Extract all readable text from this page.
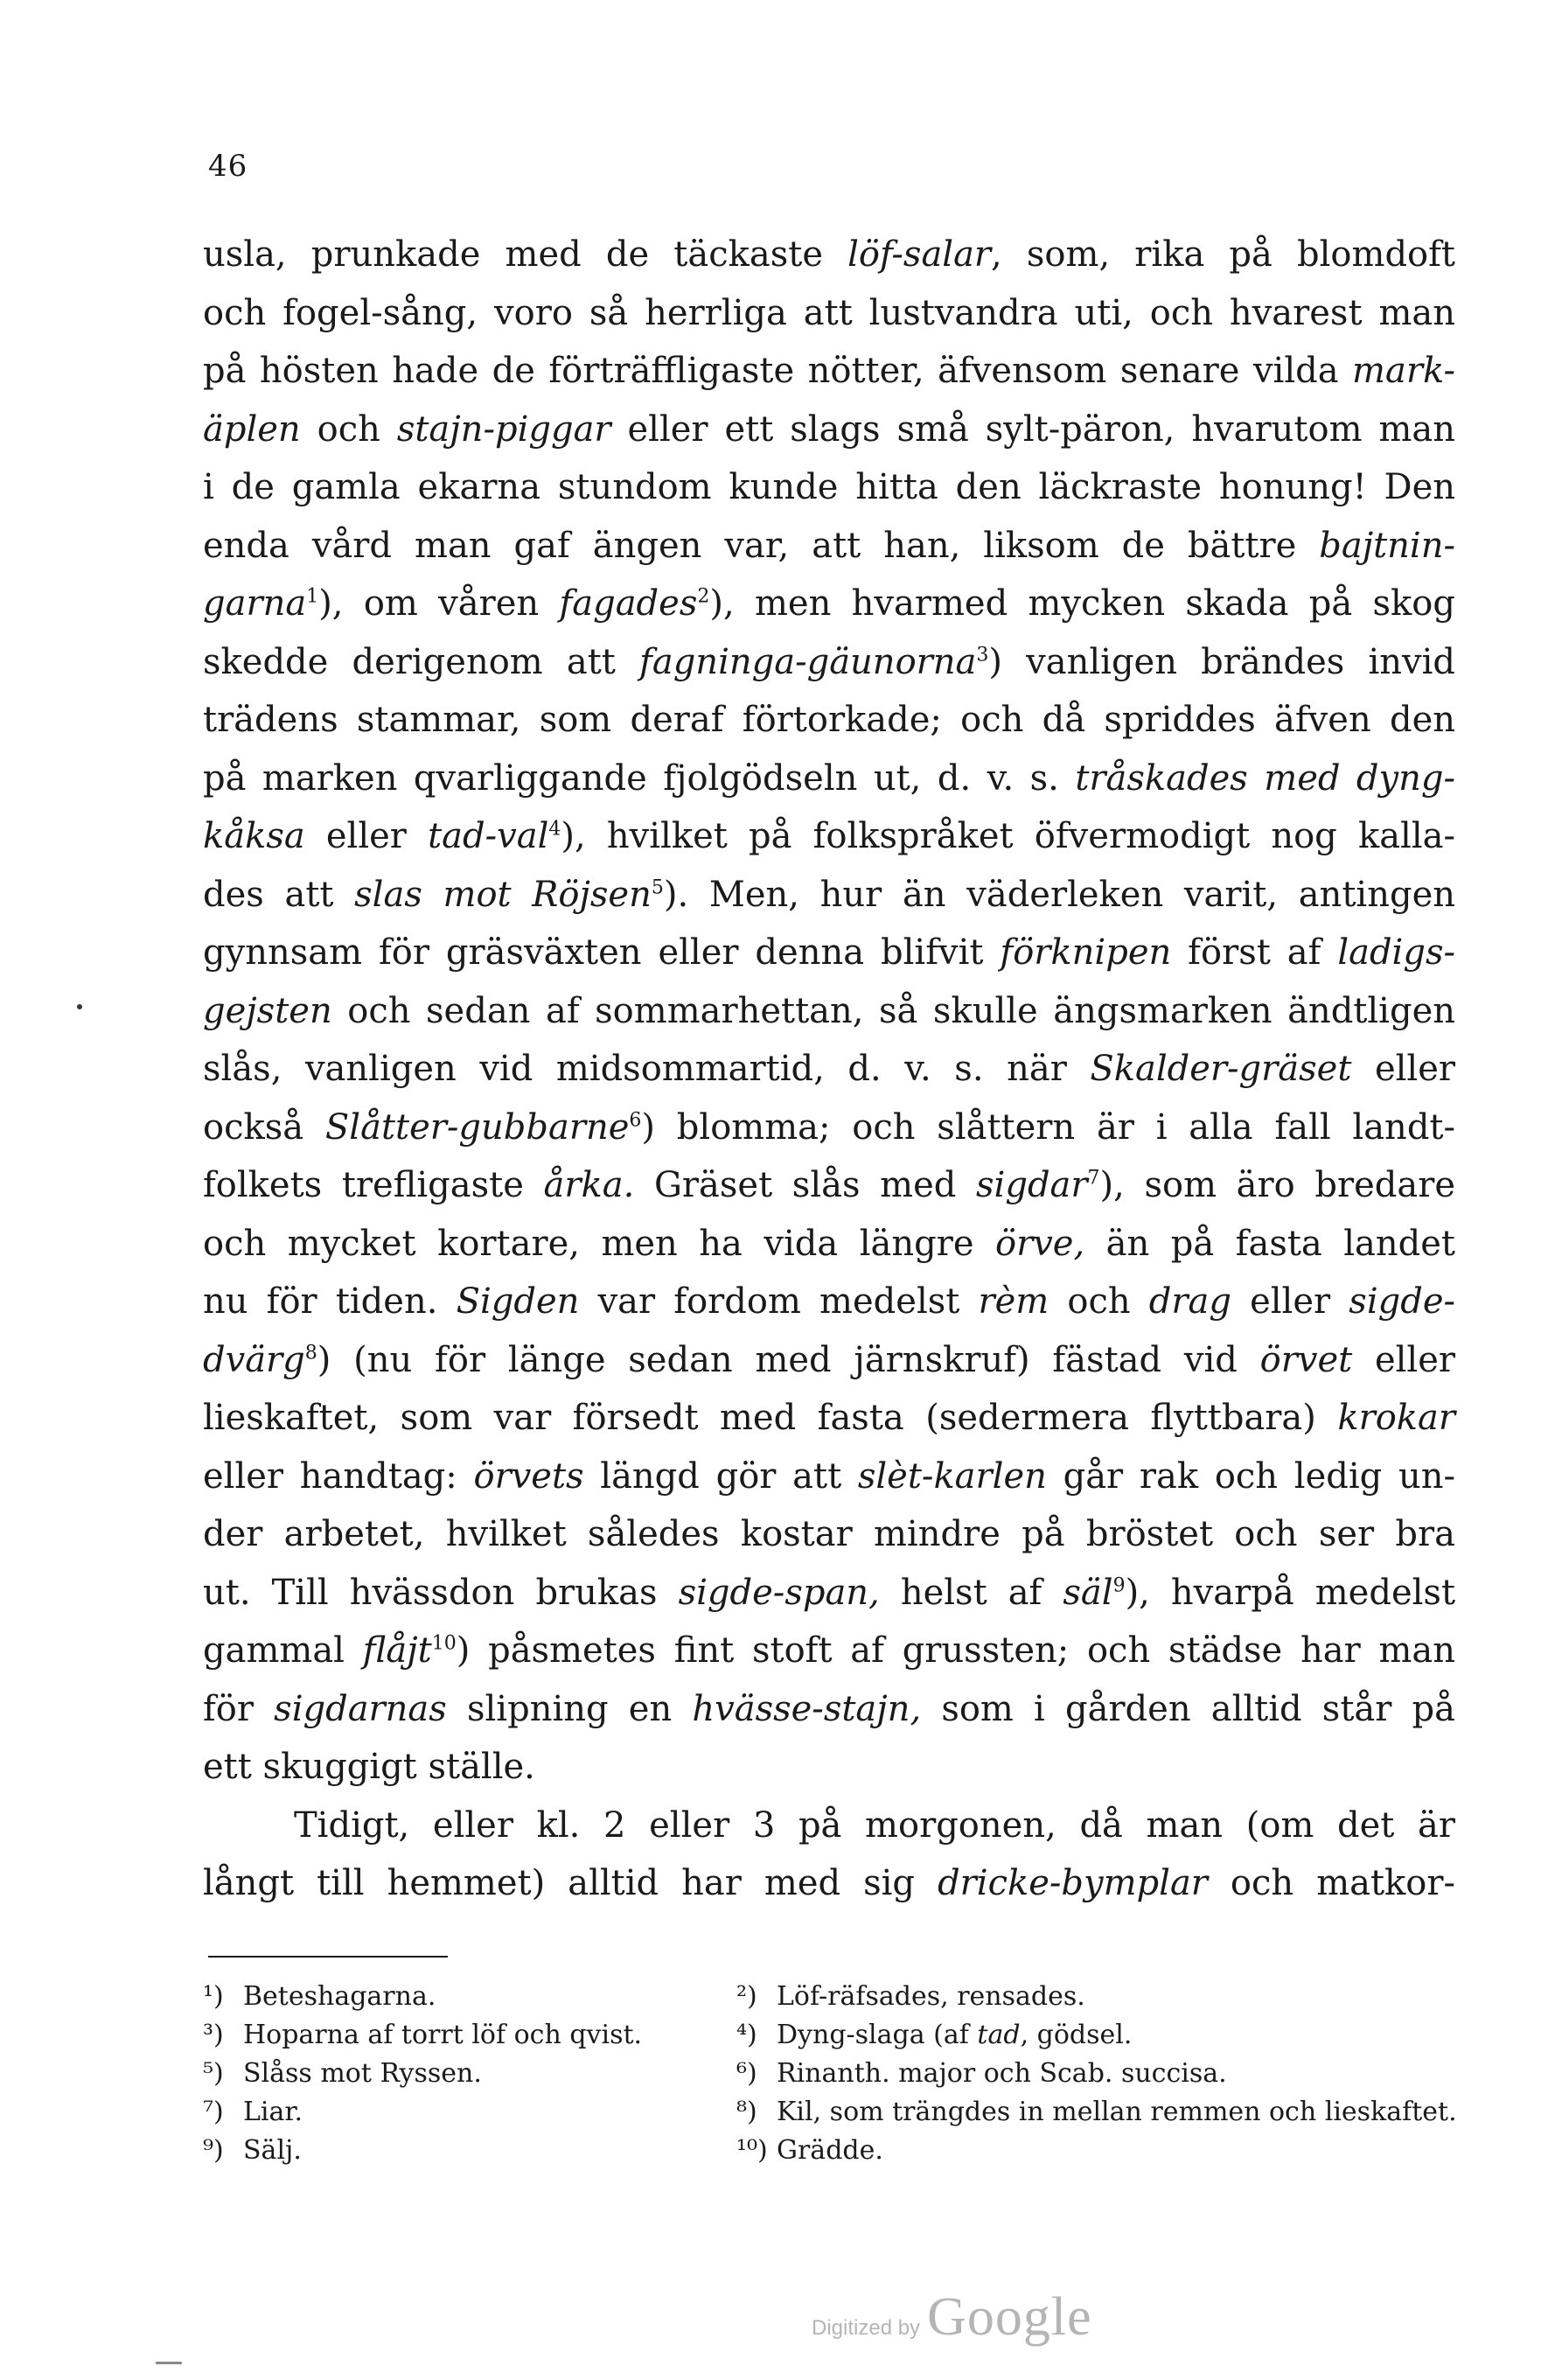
46
usla, prunkade med de täckaste löf-salar, som, rika på blomdoft
och fogel-sång, voro så herrliga att lustvandra uti, och hvarest man
på hösten hade de förträffligaste nötter, äfvensom senare vilda mark-
äplen och stajn-piggar eller ett slags små sylt-päron, hvarutom man
i de gamla ekarna stundom kunde hitta den läckraste honung! Den
enda vård man gaf ängen var, att han, liksom de bättre bajtnin-
garna$^1$), om våren fagades$^2$), men hvarmed mycken skada på skog
skedde derigenom att fagninga-gäunorna$^3$) vanligen brändes invid
trädens stammar, som deraf förtorkade; och då spriddes äfven den
på marken qvarliggande fjolgödseln ut, d. v. s. tråskades med dyng-
kåksa eller tad-val$^4$), hvilket på folkspråket öfvermodigt nog kalla-
des att slas mot Röjsen$^5$). Men, hur än väderleken varit, antingen
gynnsam för gräsväxten eller denna blifvit förknipen först af ladigs-
gejsten och sedan af sommarhettan, så skulle ängsmarken ändtligen
slås, vanligen vid midsommartid, d. v. s. när Skalder-gräset eller
också Slåtter-gubbarne$^6$) blomma; och slåttern är i alla fall landt-
folkets trefligaste årka. Gräset slås med sigdar$^7$), som äro bredare
och mycket kortare, men ha vida längre örve, än på fasta landet
nu för tiden. Sigden var fordom medelst rèm och drag eller sigde-
dvärg$^8$) (nu för länge sedan med järnskruf) fästad vid örvet eller
lieskaftet, som var försedt med fasta (sedermera flyttbara) krokar
eller handtag: örvets längd gör att slèt-karlen går rak och ledig un-
der arbetet, hvilket således kostar mindre på bröstet och ser bra
ut. Till hvässdon brukas sigde-span, helst af säl$^9$), hvarpå medelst
gammal flåjt$^{10}$) påsmetes fint stoft af grussten; och städse har man
för sigdarnas slipning en hvässe-stajn, som i gården alltid står på
ett skuggigt ställe.
Tidigt, eller kl. 2 eller 3 på morgonen, då man (om det är
långt till hemmet) alltid har med sig dricke-bymplar och matkor-
¹) Beteshagarna.	²) Löf-räfsades, rensades.
³) Hoparna af torrt löf och qvist.	⁴) Dyng-slaga (af tad, gödsel.
⁵) Slåss mot Ryssen.	⁶) Rinanth. major och Scab. succisa.
⁷) Liar.	⁸) Kil, som trängdes in mellan remmen och lieskaftet.
⁹) Sälj.	¹⁰) Grädde.
Digitized by Google
